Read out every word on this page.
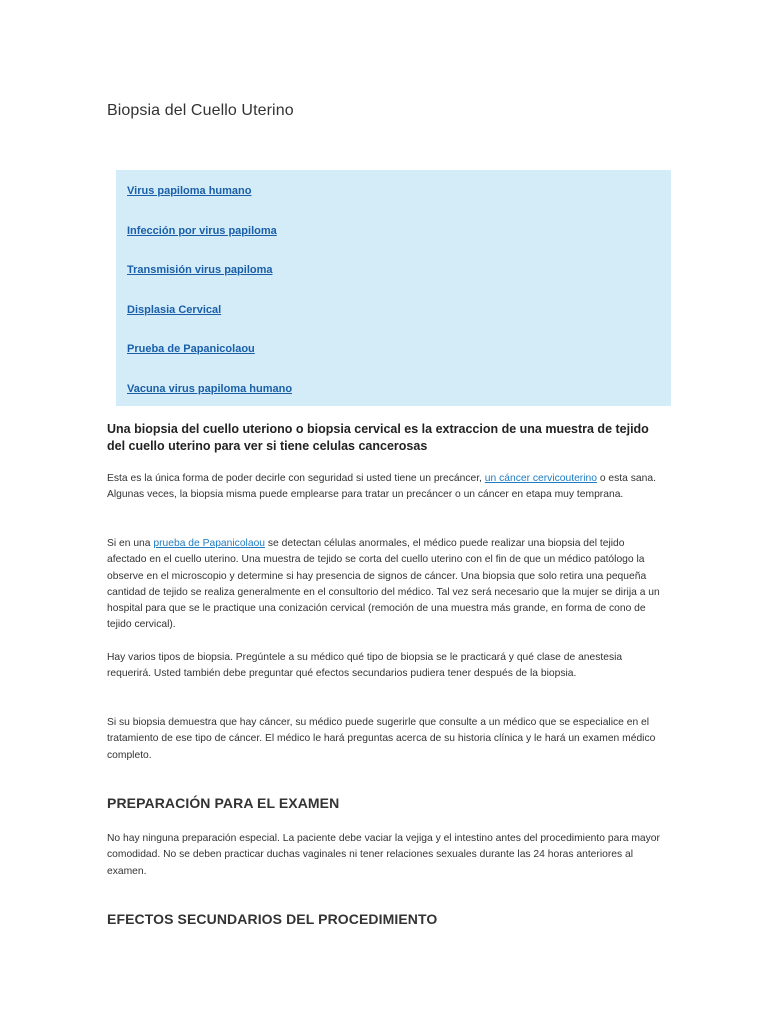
Biopsia del Cuello Uterino
Virus papiloma humano
Infección por virus papiloma
Transmisión virus papiloma
Displasia Cervical
Prueba de Papanicolaou
Vacuna virus papiloma humano
Una biopsia del cuello uteriono o biopsia cervical es la extraccion de una muestra de tejido del cuello uterino para ver si tiene celulas cancerosas

Esta es la única forma de poder decirle con seguridad si usted tiene un precáncer, un cáncer cervicouterino o esta sana. Algunas veces, la biopsia misma puede emplearse para tratar un precáncer o un cáncer en etapa muy temprana.

Si en una prueba de Papanicolaou se detectan células anormales, el médico puede realizar una biopsia del tejido afectado en el cuello uterino. Una muestra de tejido se corta del cuello uterino con el fin de que un médico patólogo la observe en el microscopio y determine si hay presencia de signos de cáncer. Una biopsia que solo retira una pequeña cantidad de tejido se realiza generalmente en el consultorio del médico. Tal vez será necesario que la mujer se dirija a un hospital para que se le practique una conización cervical (remoción de una muestra más grande, en forma de cono de tejido cervical).

Hay varios tipos de biopsia. Pregúntele a su médico qué tipo de biopsia se le practicará y qué clase de anestesia requerirá. Usted también debe preguntar qué efectos secundarios pudiera tener después de la biopsia.

Si su biopsia demuestra que hay cáncer, su médico puede sugerirle que consulte a un médico que se especialice en el tratamiento de ese tipo de cáncer. El médico le hará preguntas acerca de su historia clínica y le hará un examen médico completo.

PREPARACIÓN PARA EL EXAMEN

No hay ninguna preparación especial. La paciente debe vaciar la vejiga y el intestino antes del procedimiento para mayor comodidad. No se deben practicar duchas vaginales ni tener relaciones sexuales durante las 24 horas anteriores al examen.

EFECTOS SECUNDARIOS DEL PROCEDIMIENTO
